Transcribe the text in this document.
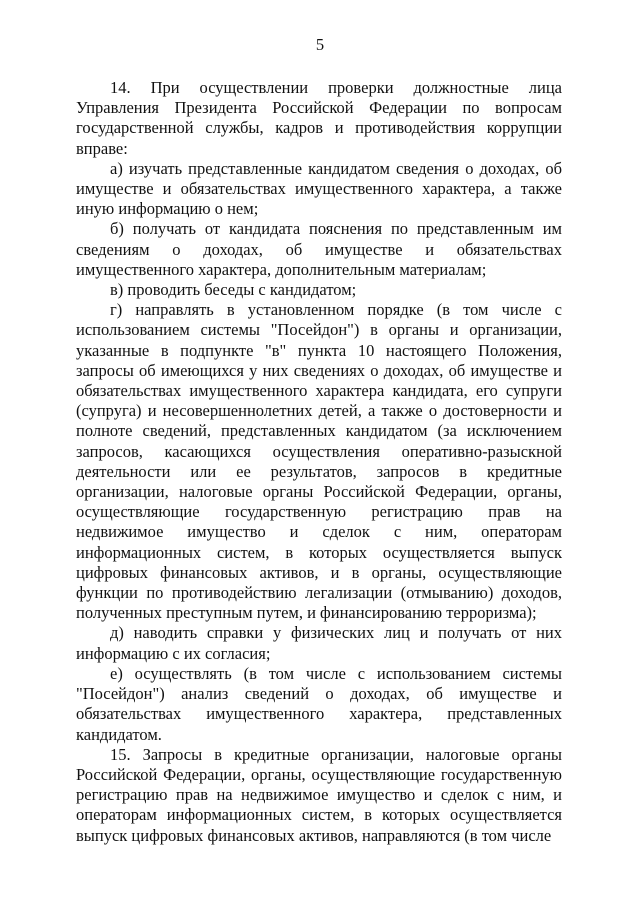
5

14. При осуществлении проверки должностные лица Управления Президента Российской Федерации по вопросам государственной службы, кадров и противодействия коррупции вправе:

а) изучать представленные кандидатом сведения о доходах, об имуществе и обязательствах имущественного характера, а также иную информацию о нем;

б) получать от кандидата пояснения по представленным им сведениям о доходах, об имуществе и обязательствах имущественного характера, дополнительным материалам;

в) проводить беседы с кандидатом;

г) направлять в установленном порядке (в том числе с использованием системы "Посейдон") в органы и организации, указанные в подпункте "в" пункта 10 настоящего Положения, запросы об имеющихся у них сведениях о доходах, об имуществе и обязательствах имущественного характера кандидата, его супруги (супруга) и несовершеннолетних детей, а также о достоверности и полноте сведений, представленных кандидатом (за исключением запросов, касающихся осуществления оперативно-разыскной деятельности или ее результатов, запросов в кредитные организации, налоговые органы Российской Федерации, органы, осуществляющие государственную регистрацию прав на недвижимое имущество и сделок с ним, операторам информационных систем, в которых осуществляется выпуск цифровых финансовых активов, и в органы, осуществляющие функции по противодействию легализации (отмыванию) доходов, полученных преступным путем, и финансированию терроризма);

д) наводить справки у физических лиц и получать от них информацию с их согласия;

е) осуществлять (в том числе с использованием системы "Посейдон") анализ сведений о доходах, об имуществе и обязательствах имущественного характера, представленных кандидатом.

15. Запросы в кредитные организации, налоговые органы Российской Федерации, органы, осуществляющие государственную регистрацию прав на недвижимое имущество и сделок с ним, и операторам информационных систем, в которых осуществляется выпуск цифровых финансовых активов, направляются (в том числе
